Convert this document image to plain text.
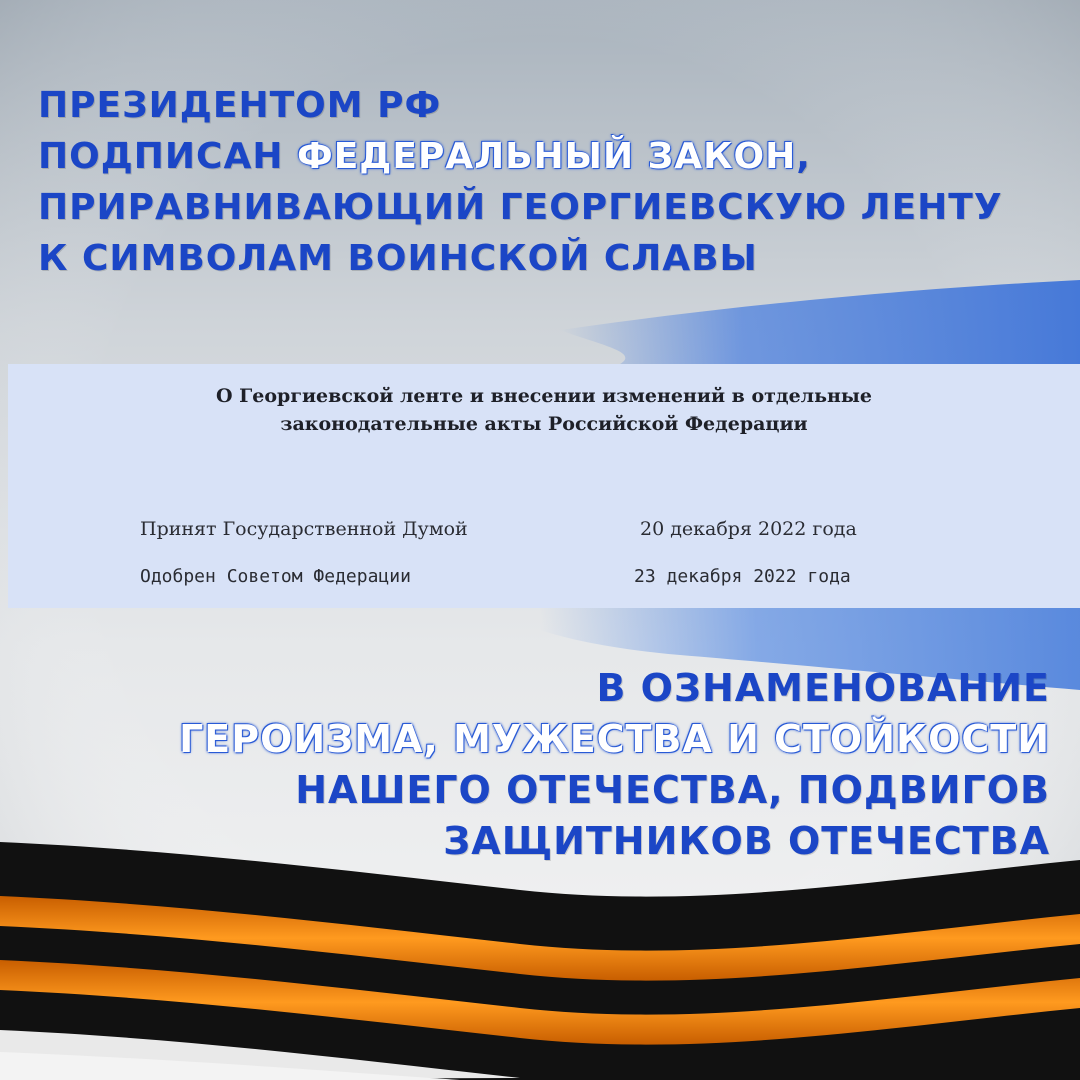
ПРЕЗИДЕНТОМ РФ
ПОДПИСАН ФЕДЕРАЛЬНЫЙ ЗАКОН,
ПРИРАВНИВАЮЩИЙ ГЕОРГИЕВСКУЮ ЛЕНТУ
К СИМВОЛАМ ВОИНСКОЙ СЛАВЫ
О Георгиевской ленте и внесении изменений в отдельные
законодательные акты Российской Федерации
Принят Государственной Думой	20 декабря 2022 года
Одобрен Советом Федерации	23 декабря 2022 года
В ОЗНАМЕНОВАНИЕ
ГЕРОИЗМА, МУЖЕСТВА И СТОЙКОСТИ
НАШЕГО ОТЕЧЕСТВА, ПОДВИГОВ
ЗАЩИТНИКОВ ОТЕЧЕСТВА
